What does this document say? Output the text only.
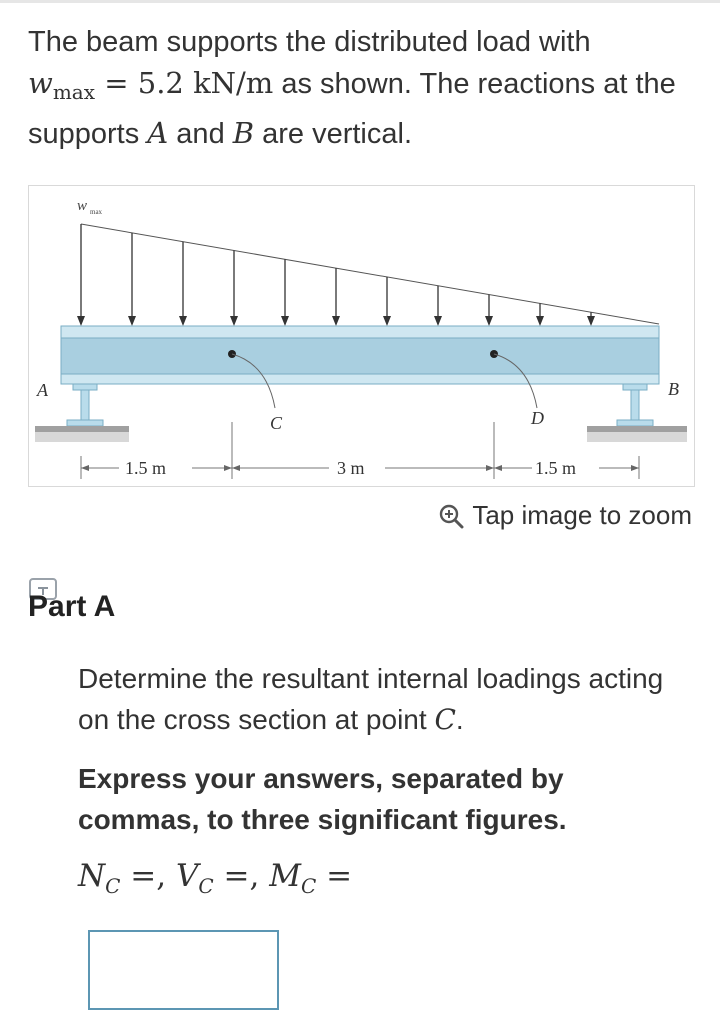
The beam supports the distributed load with
$w_{max} = 5.2$ kN/m as shown. The reactions at the supports A and B are vertical.
w max
C	D
A	B
1.5 m	3 m	1.5 m
Tap image to zoom
Part A
Determine the resultant internal loadings acting on the cross section at point C.
Express your answers, separated by commas, to three significant figures.
$N_C$ =, $V_C$ =, $M_C$ =
